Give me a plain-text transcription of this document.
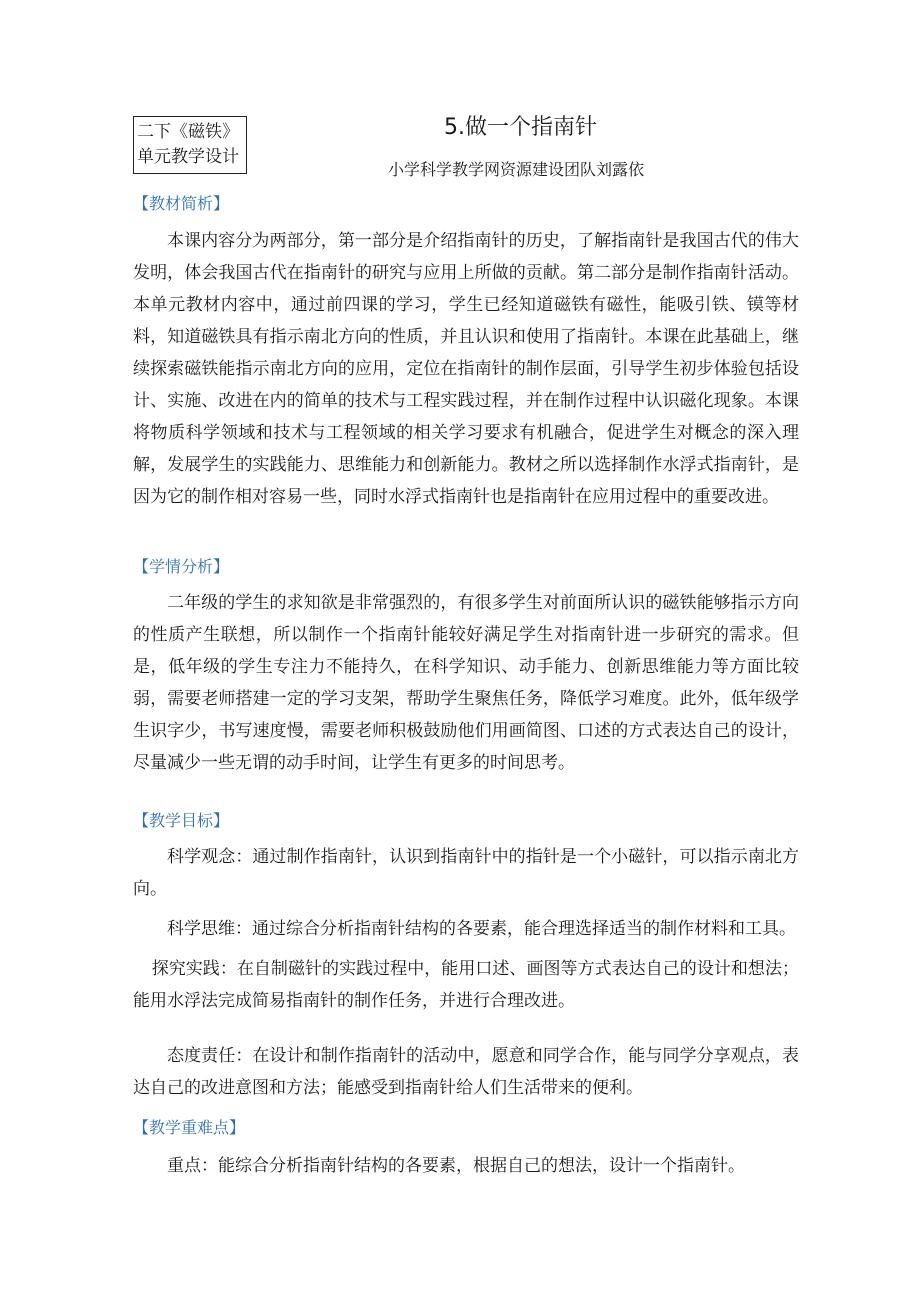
二下《磁铁》
单元教学设计
5.做一个指南针
小学科学教学网资源建设团队刘露依
【教材简析】
本课内容分为两部分，第一部分是介绍指南针的历史，了解指南针是我国古代的伟大发明，体会我国古代在指南针的研究与应用上所做的贡献。第二部分是制作指南针活动。本单元教材内容中，通过前四课的学习，学生已经知道磁铁有磁性，能吸引铁、镆等材料，知道磁铁具有指示南北方向的性质，并且认识和使用了指南针。本课在此基础上，继续探索磁铁能指示南北方向的应用，定位在指南针的制作层面，引导学生初步体验包括设计、实施、改进在内的简单的技术与工程实践过程，并在制作过程中认识磁化现象。本课将物质科学领域和技术与工程领域的相关学习要求有机融合，促进学生对概念的深入理解，发展学生的实践能力、思维能力和创新能力。教材之所以选择制作水浮式指南针，是因为它的制作相对容易一些，同时水浮式指南针也是指南针在应用过程中的重要改进。
【学情分析】
二年级的学生的求知欲是非常强烈的，有很多学生对前面所认识的磁铁能够指示方向的性质产生联想，所以制作一个指南针能较好满足学生对指南针进一步研究的需求。但是，低年级的学生专注力不能持久，在科学知识、动手能力、创新思维能力等方面比较弱，需要老师搭建一定的学习支架，帮助学生聚焦任务，降低学习难度。此外，低年级学生识字少，书写速度慢，需要老师积极鼓励他们用画简图、口述的方式表达自己的设计，尽量减少一些无谓的动手时间，让学生有更多的时间思考。
【教学目标】
科学观念：通过制作指南针，认识到指南针中的指针是一个小磁针，可以指示南北方向。
科学思维：通过综合分析指南针结构的各要素，能合理选择适当的制作材料和工具。
探究实践：在自制磁针的实践过程中，能用口述、画图等方式表达自己的设计和想法；能用水浮法完成简易指南针的制作任务，并进行合理改进。
态度责任：在设计和制作指南针的活动中，愿意和同学合作，能与同学分享观点，表达自己的改进意图和方法；能感受到指南针给人们生活带来的便利。
【教学重难点】
重点：能综合分析指南针结构的各要素，根据自己的想法，设计一个指南针。
